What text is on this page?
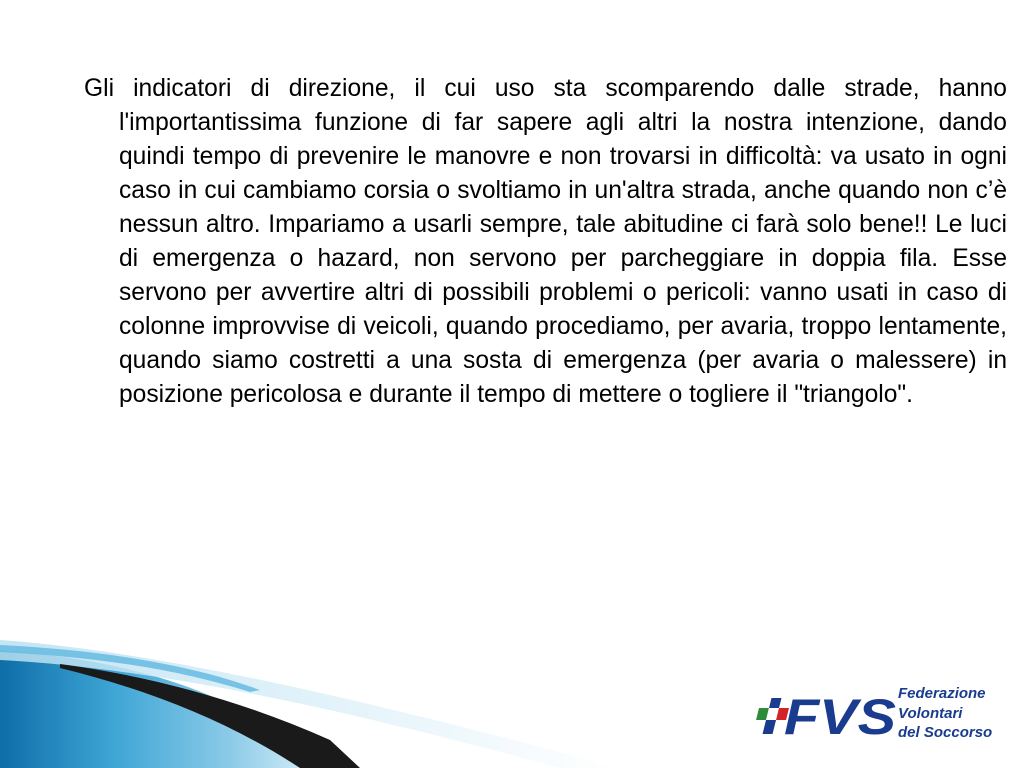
Gli indicatori di direzione, il cui uso sta scomparendo dalle strade, hanno l'importantissima funzione di far sapere agli altri la nostra intenzione, dando quindi tempo di prevenire le manovre e non trovarsi in difficoltà: va usato in ogni caso in cui cambiamo corsia o svoltiamo in un'altra strada, anche quando non c’è nessun altro. Impariamo a usarli sempre, tale abitudine ci farà solo bene!! Le luci di emergenza o hazard, non servono per parcheggiare in doppia fila. Esse servono per avvertire altri di possibili problemi o pericoli: vanno usati in caso di colonne improvvise di veicoli, quando procediamo, per avaria, troppo lentamente, quando siamo costretti a una sosta di emergenza (per avaria o malessere) in posizione pericolosa e durante il tempo di mettere o togliere il "triangolo".

FVS Federazione
Volontari
del Soccorso
